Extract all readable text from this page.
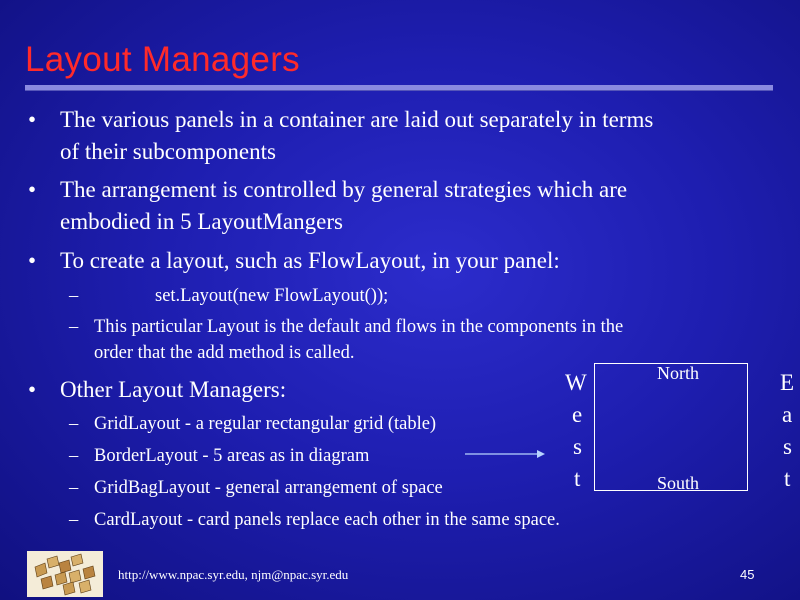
Layout Managers
• The various panels in a container are laid out separately in terms
of their subcomponents
• The arrangement is controlled by general strategies which are
embodied in 5 LayoutMangers
• To create a layout, such as FlowLayout, in your panel:
–	set.Layout(new FlowLayout());
– This particular Layout is the default and flows in the components in the
order that the add method is called.
• Other Layout Managers:
– GridLayout - a regular rectangular grid (table)
– BorderLayout - 5 areas as in diagram
– GridBagLayout - general arrangement of space
– CardLayout - card panels replace each other in the same space.
North
South
W
e
s
t
E
a
s
t
http://www.npac.syr.edu, njm@npac.syr.edu	45
